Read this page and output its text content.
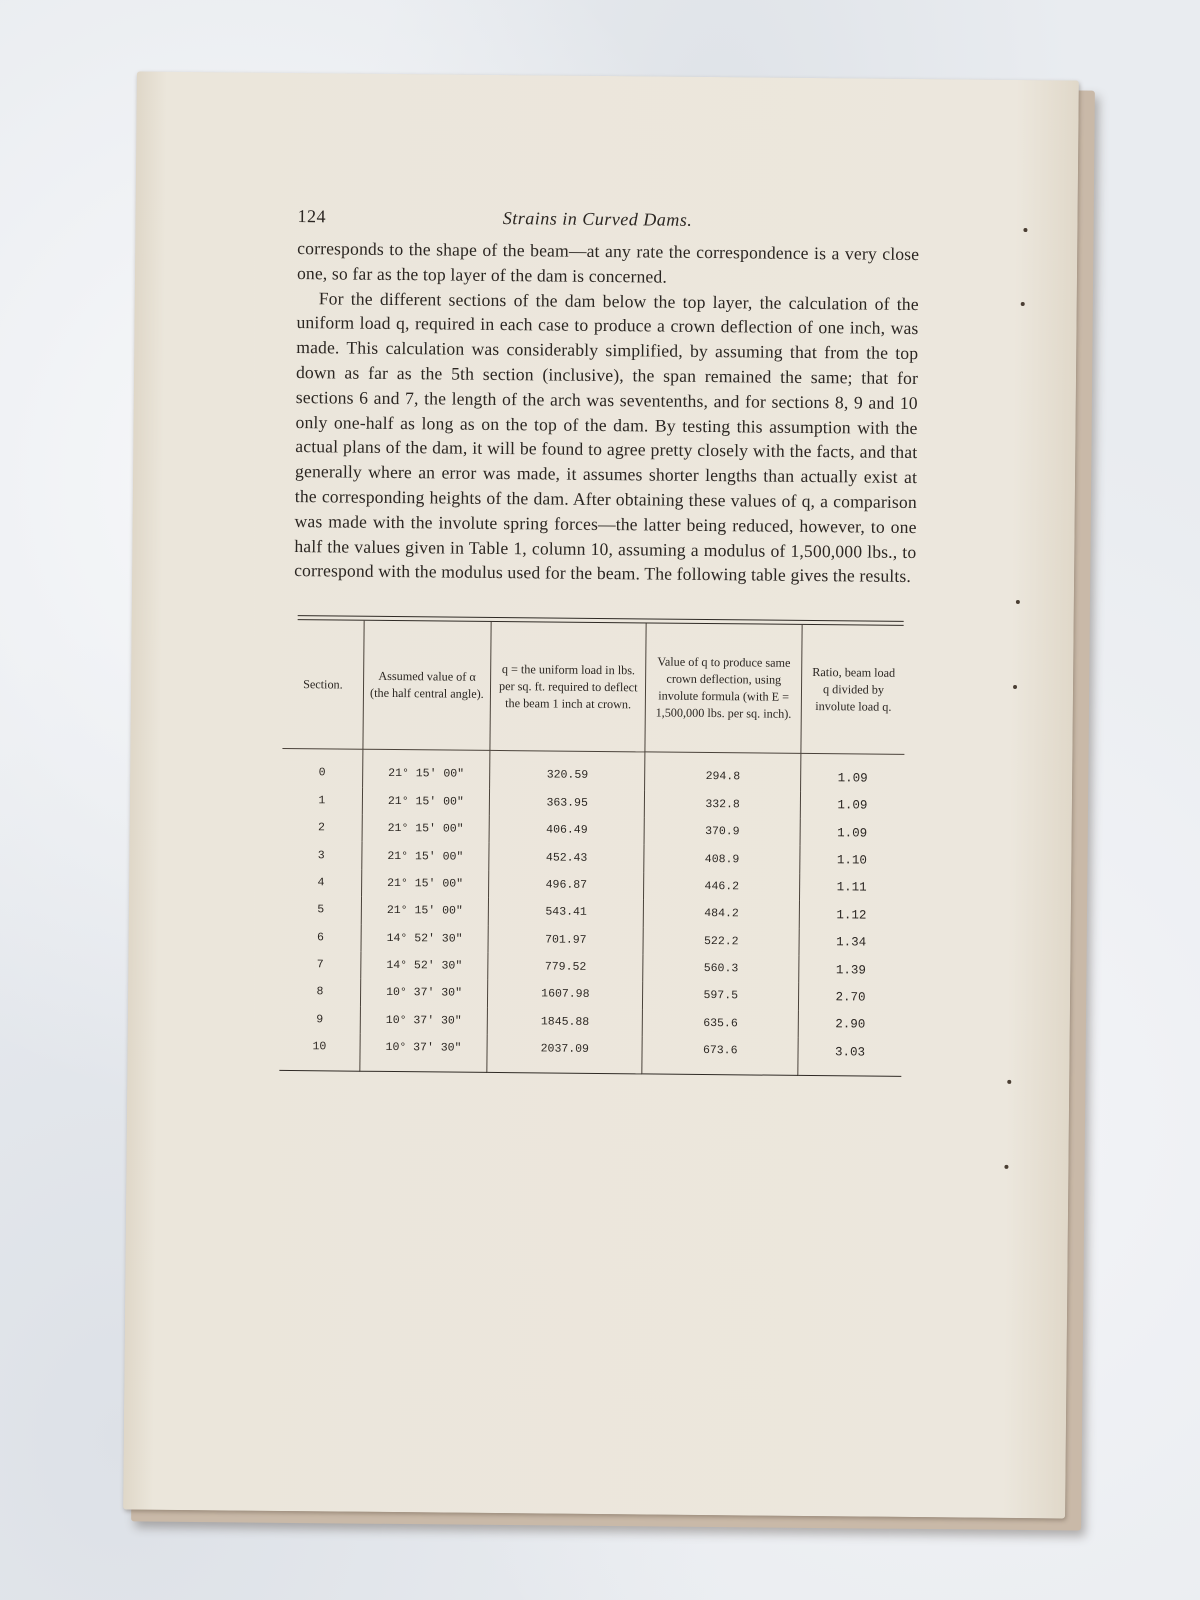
124	Strains in Curved Dams.

corresponds to the shape of the beam—at any rate the correspondence is a very close one, so far as the top layer of the dam is concerned.

For the different sections of the dam below the top layer, the calculation of the uniform load q, required in each case to produce a crown deflection of one inch, was made. This calculation was considerably simplified, by assuming that from the top down as far as the 5th section (inclusive), the span remained the same; that for sections 6 and 7, the length of the arch was seventenths, and for sections 8, 9 and 10 only one-half as long as on the top of the dam. By testing this assumption with the actual plans of the dam, it will be found to agree pretty closely with the facts, and that generally where an error was made, it assumes shorter lengths than actually exist at the corresponding heights of the dam. After obtaining these values of q, a comparison was made with the involute spring forces—the latter being reduced, however, to one half the values given in Table 1, column 10, assuming a modulus of 1,500,000 lbs., to correspond with the modulus used for the beam. The following table gives the results.

Section.	Assumed value of α (the half central angle).	q = the uniform load in lbs. per sq. ft. required to deflect the beam 1 inch at crown.	Value of q to produce same crown deflection, using involute formula (with E = 1,500,000 lbs. per sq. inch).	Ratio, beam load q divided by involute load q.
0	21° 15′ 00″	320.59	294.8	1.09
1	21° 15′ 00″	363.95	332.8	1.09
2	21° 15′ 00″	406.49	370.9	1.09
3	21° 15′ 00″	452.43	408.9	1.10
4	21° 15′ 00″	496.87	446.2	1.11
5	21° 15′ 00″	543.41	484.2	1.12
6	14° 52′ 30″	701.97	522.2	1.34
7	14° 52′ 30″	779.52	560.3	1.39
8	10° 37′ 30″	1607.98	597.5	2.70
9	10° 37′ 30″	1845.88	635.6	2.90
10	10° 37′ 30″	2037.09	673.6	3.03
